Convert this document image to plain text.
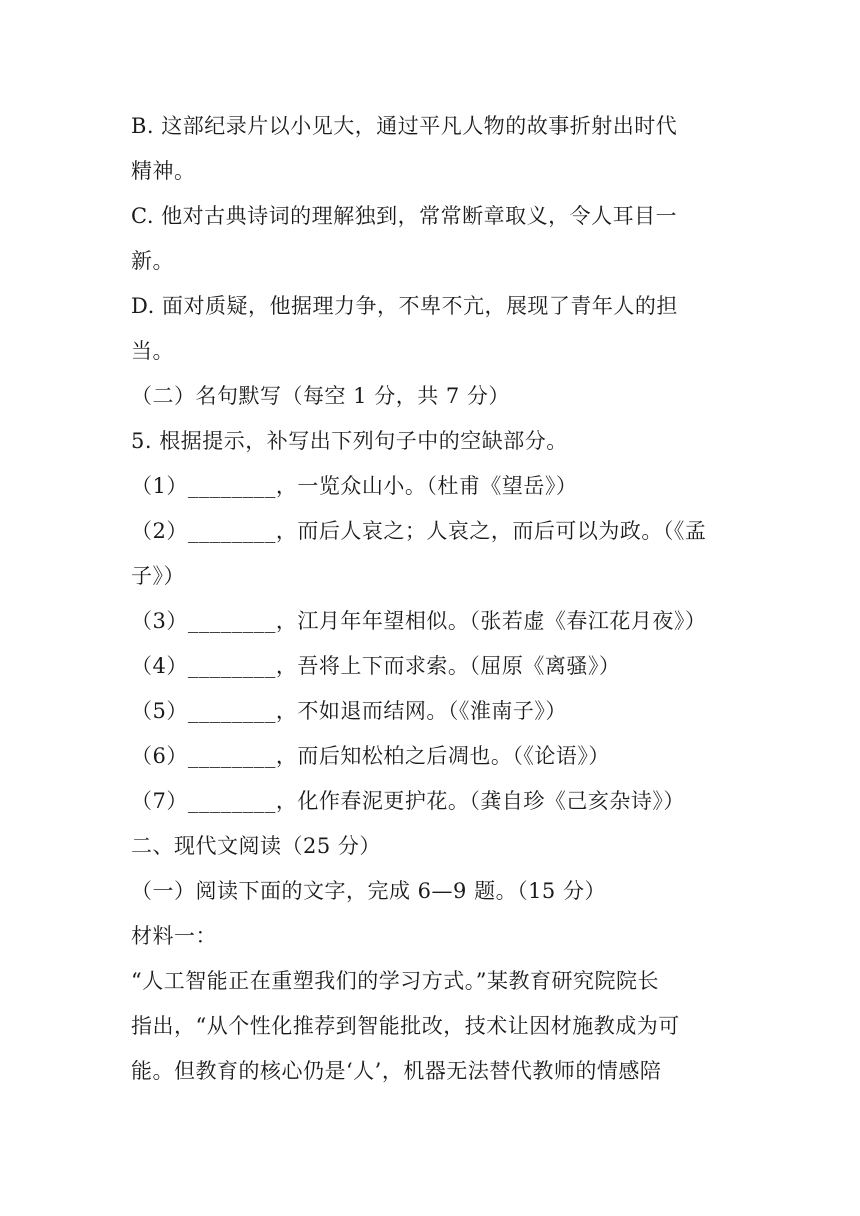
B. 这部纪录片以小见大，通过平凡人物的故事折射出时代
精神。
C. 他对古典诗词的理解独到，常常断章取义，令人耳目一
新。
D. 面对质疑，他据理力争，不卑不亢，展现了青年人的担
当。
（二）名句默写（每空 1 分，共 7 分）
5. 根据提示，补写出下列句子中的空缺部分。
（1）________，一览众山小。（杜甫《望岳》）
（2）________，而后人哀之；人哀之，而后可以为政。（《孟
子》）
（3）________，江月年年望相似。（张若虚《春江花月夜》）
（4）________，吾将上下而求索。（屈原《离骚》）
（5）________，不如退而结网。（《淮南子》）
（6）________，而后知松柏之后凋也。（《论语》）
（7）________，化作春泥更护花。（龚自珍《己亥杂诗》）
二、现代文阅读（25 分）
（一）阅读下面的文字，完成 6—9 题。（15 分）
材料一：
“人工智能正在重塑我们的学习方式。”某教育研究院院长
指出，“从个性化推荐到智能批改，技术让因材施教成为可
能。但教育的核心仍是‘人’，机器无法替代教师的情感陪
